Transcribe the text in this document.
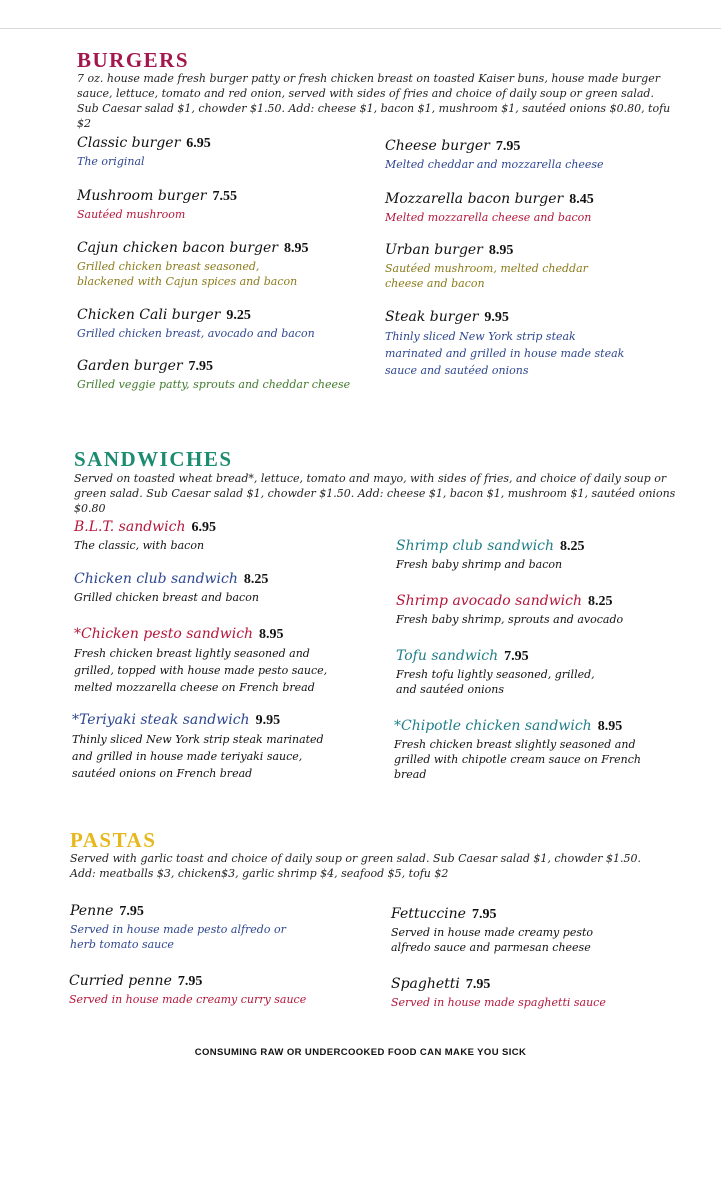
BURGERS

7 oz. house made fresh burger patty or fresh chicken breast on toasted Kaiser buns, house made burger sauce, lettuce, tomato and red onion, served with sides of fries and choice of daily soup or green salad. Sub Caesar salad $1, chowder $1.50. Add: cheese $1, bacon $1, mushroom $1, sautéed onions $0.80, tofu $2

Classic burger 6.95
The original
Cheese burger 7.95
Melted cheddar and mozzarella cheese
Mushroom burger 7.55
Sautéed mushroom
Mozzarella bacon burger 8.45
Melted mozzarella cheese and bacon
Cajun chicken bacon burger 8.95
Grilled chicken breast seasoned, blackened with Cajun spices and bacon
Urban burger 8.95
Sautéed mushroom, melted cheddar cheese and bacon
Chicken Cali burger 9.25
Grilled chicken breast, avocado and bacon
Steak burger 9.95
Thinly sliced New York strip steak marinated and grilled in house made steak sauce and sautéed onions
Garden burger 7.95
Grilled veggie patty, sprouts and cheddar cheese
SANDWICHES

Served on toasted wheat bread*, lettuce, tomato and mayo, with sides of fries, and choice of daily soup or green salad. Sub Caesar salad $1, chowder $1.50. Add: cheese $1, bacon $1, mushroom $1, sautéed onions $0.80

B.L.T. sandwich 6.95
The classic, with bacon	Shrimp club sandwich 8.25
Fresh baby shrimp and bacon
Chicken club sandwich 8.25
Grilled chicken breast and bacon	Shrimp avocado sandwich 8.25
Fresh baby shrimp, sprouts and avocado
*Chicken pesto sandwich 8.95
Fresh chicken breast lightly seasoned and grilled, topped with house made pesto sauce, melted mozzarella cheese on French bread
Tofu sandwich 7.95
Fresh tofu lightly seasoned, grilled, and sautéed onions
*Teriyaki steak sandwich 9.95
Thinly sliced New York strip steak marinated and grilled in house made teriyaki sauce, sautéed onions on French bread
*Chipotle chicken sandwich 8.95
Fresh chicken breast slightly seasoned and grilled with chipotle cream sauce on French bread
PASTAS

Served with garlic toast and choice of daily soup or green salad. Sub Caesar salad $1, chowder $1.50. Add: meatballs $3, chicken$3, garlic shrimp $4, seafood $5, tofu $2

Penne 7.95
Served in house made pesto alfredo or herb tomato sauce
Fettuccine 7.95
Served in house made creamy pesto alfredo sauce and parmesan cheese
Curried penne 7.95
Served in house made creamy curry sauce
Spaghetti 7.95
Served in house made spaghetti sauce
CONSUMING RAW OR UNDERCOOKED FOOD CAN MAKE YOU SICK
